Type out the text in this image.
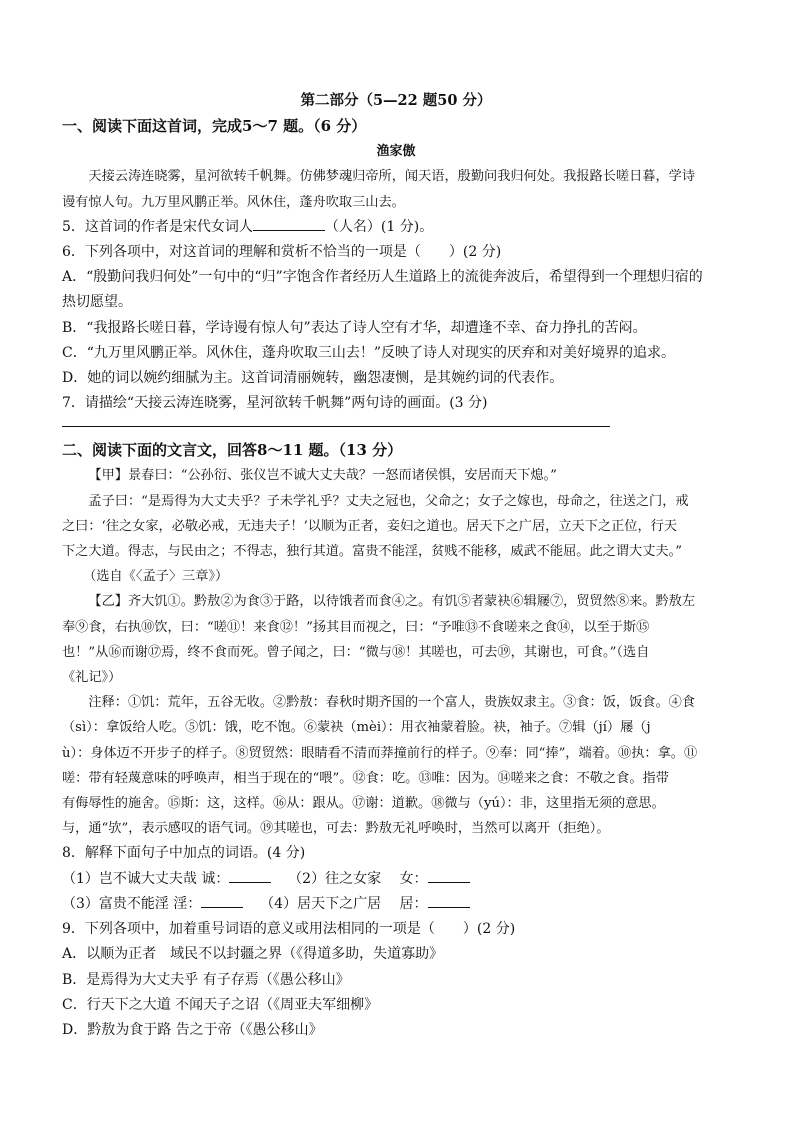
第二部分（5—22 题50 分）
一、阅读下面这首词，完成5～7 题。（6 分）
渔家傲
天接云涛连晓雾，星河欲转千帆舞。仿佛梦魂归帝所，闻天语，殷勤问我归何处。我报路长嗟日暮，学诗
谩有惊人句。九万里风鹏正举。风休住，蓬舟吹取三山去。
5．这首词的作者是宋代女词人	（人名）(1 分)。
6．下列各项中，对这首词的理解和赏析不恰当的一项是（　　）(2 分)
A．“殷勤问我归何处”一句中的“归”字饱含作者经历人生道路上的流徙奔波后，希望得到一个理想归宿的
热切愿望。
B．“我报路长嗟日暮，学诗谩有惊人句”表达了诗人空有才华，却遭逢不幸、奋力挣扎的苦闷。
C．“九万里风鹏正举。风休住，蓬舟吹取三山去！”反映了诗人对现实的厌弃和对美好境界的追求。
D．她的词以婉约细腻为主。这首词清丽婉转，幽怨凄恻，是其婉约词的代表作。
7．请描绘“天接云涛连晓雾，星河欲转千帆舞”两句诗的画面。(3 分)
二、阅读下面的文言文，回答8～11 题。（13 分）
【甲】景春曰：“公孙衍、张仪岂不诚大丈夫哉？一怒而诸侯惧，安居而天下熄。”
孟子曰：“是焉得为大丈夫乎？子未学礼乎？丈夫之冠也，父命之；女子之嫁也，母命之，往送之门，戒
之曰：‘往之女家，必敬必戒，无违夫子！’以顺为正者，妾妇之道也。居天下之广居，立天下之正位，行天
下之大道。得志，与民由之；不得志，独行其道。富贵不能淫，贫贱不能移，威武不能屈。此之谓大丈夫。”
（选自《〈孟子〉三章》）
【乙】齐大饥①。黔敖②为食③于路，以待饿者而食④之。有饥⑤者蒙袂⑥辑屦⑦，贸贸然⑧来。黔敖左
奉⑨食，右执⑩饮，曰：“嗟⑪！来食⑫！”扬其目而视之，曰：“予唯⑬不食嗟来之食⑭，以至于斯⑮
也！”从⑯而谢⑰焉，终不食而死。曾子闻之，曰：“微与⑱！其嗟也，可去⑲，其谢也，可食。”（选自
《礼记》）
注释：①饥：荒年，五谷无收。②黔敖：春秋时期齐国的一个富人，贵族奴隶主。③食：饭，饭食。④食
（sì）：拿饭给人吃。⑤饥：饿，吃不饱。⑥蒙袂（mèi）：用衣袖蒙着脸。袂，袖子。⑦辑（jí）屦（j
ù）：身体迈不开步子的样子。⑧贸贸然：眼睛看不清而莽撞前行的样子。⑨奉：同“捧”，端着。⑩执：拿。⑪
嗟：带有轻蔑意味的呼唤声，相当于现在的“喂”。⑫食：吃。⑬唯：因为。⑭嗟来之食：不敬之食。指带
有侮辱性的施舍。⑮斯：这，这样。⑯从：跟从。⑰谢：道歉。⑱微与（yú）：非，这里指无须的意思。
与，通“欤”，表示感叹的语气词。⑲其嗟也，可去：黔敖无礼呼唤时，当然可以离开（拒绝）。
8．解释下面句子中加点的词语。(4 分)
（1）岂不诚大丈夫哉 诚：	（2）往之女家　 女：
（3）富贵不能淫 淫：	（4）居天下之广居　 居：
9．下列各项中，加着重号词语的意义或用法相同的一项是（　　）(2 分)
A．以顺为正者　域民不以封疆之界（《得道多助，失道寡助》
B．是焉得为大丈夫乎 有子存焉（《愚公移山》
C．行天下之大道 不闻天子之诏（《周亚夫军细柳》
D．黔敖为食于路 告之于帝（《愚公移山》
